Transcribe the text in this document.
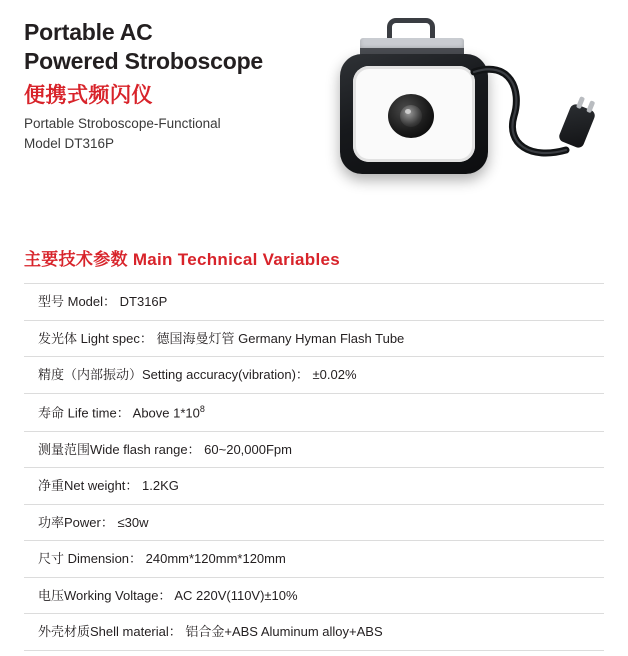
Portable AC
Powered Stroboscope
便携式频闪仪
Portable Stroboscope-Functional
Model DT316P
主要技术参数 Main Technical Variables
型号 Model： DT316P
发光体 Light spec： 德国海曼灯管 Germany Hyman Flash Tube
精度（内部振动）Setting accuracy(vibration)： ±0.02%
寿命 Life time： Above $1*10^8$
测量范围Wide flash range： 60~20,000Fpm
净重Net weight： 1.2KG
功率Power： ≤30w
尺寸 Dimension： 240mm*120mm*120mm
电压Working Voltage： AC 220V(110V)±10%
外壳材质Shell material： 铝合金+ABS Aluminum alloy+ABS
